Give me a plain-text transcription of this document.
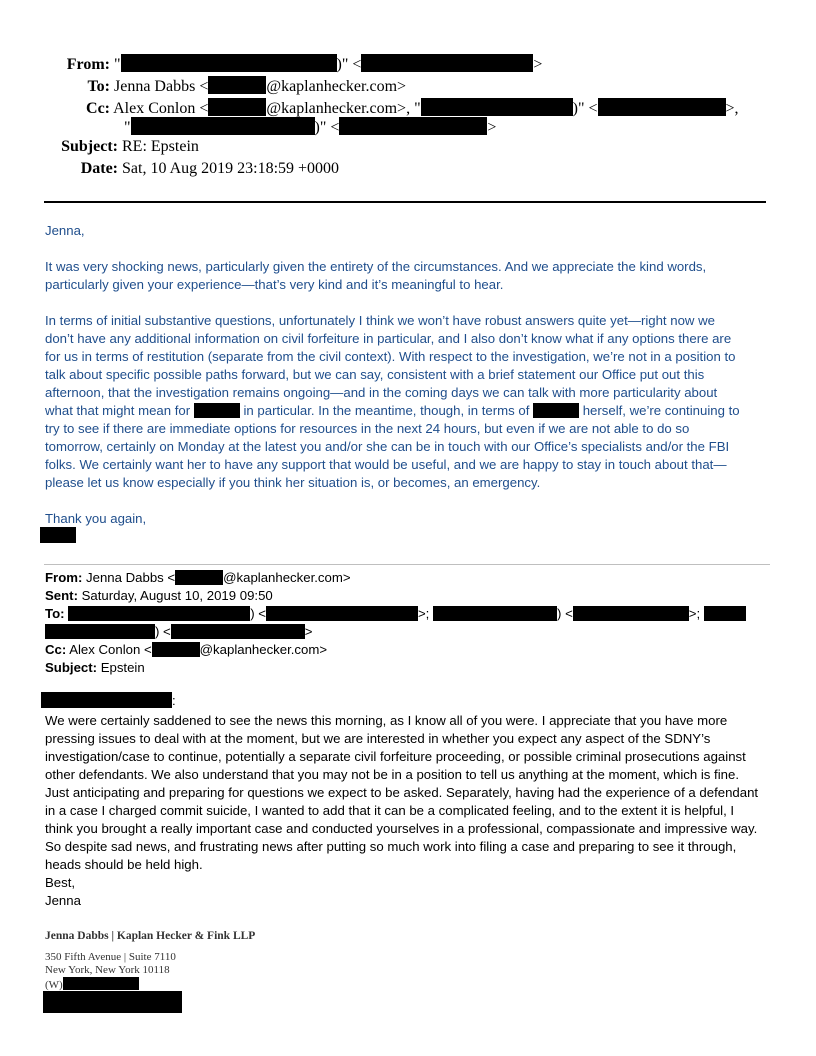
From: "	)" <	>
To: Jenna Dabbs <	@kaplanhecker.com>
Cc: Alex Conlon <	@kaplanhecker.com>, "	)" <	>,
"	)" <	>
Subject: RE: Epstein
Date: Sat, 10 Aug 2019 23:18:59 +0000
Jenna,
It was very shocking news, particularly given the entirety of the circumstances. And we appreciate the kind words,
particularly given your experience—that’s very kind and it’s meaningful to hear.
In terms of initial substantive questions, unfortunately I think we won’t have robust answers quite yet—right now we
don’t have any additional information on civil forfeiture in particular, and I also don’t know what if any options there are
for us in terms of restitution (separate from the civil context). With respect to the investigation, we’re not in a position to
talk about specific possible paths forward, but we can say, consistent with a brief statement our Office put out this
afternoon, that the investigation remains ongoing—and in the coming days we can talk with more particularity about
what that might mean for	in particular. In the meantime, though, in terms of	herself, we’re continuing to
try to see if there are immediate options for resources in the next 24 hours, but even if we are not able to do so
tomorrow, certainly on Monday at the latest you and/or she can be in touch with our Office’s specialists and/or the FBI
folks. We certainly want her to have any support that would be useful, and we are happy to stay in touch about that—
please let us know especially if you think her situation is, or becomes, an emergency.
Thank you again,
From: Jenna Dabbs <	@kaplanhecker.com>
Sent: Saturday, August 10, 2019 09:50
To:	) <	>;	) <	>;
) <	>
Cc: Alex Conlon <	@kaplanhecker.com>
Subject: Epstein
:
We were certainly saddened to see the news this morning, as I know all of you were. I appreciate that you have more
pressing issues to deal with at the moment, but we are interested in whether you expect any aspect of the SDNY’s
investigation/case to continue, potentially a separate civil forfeiture proceeding, or possible criminal prosecutions against
other defendants. We also understand that you may not be in a position to tell us anything at the moment, which is fine.
Just anticipating and preparing for questions we expect to be asked. Separately, having had the experience of a defendant
in a case I charged commit suicide, I wanted to add that it can be a complicated feeling, and to the extent it is helpful, I
think you brought a really important case and conducted yourselves in a professional, compassionate and impressive way.
So despite sad news, and frustrating news after putting so much work into filing a case and preparing to see it through,
heads should be held high.
Best,
Jenna
Jenna Dabbs | Kaplan Hecker & Fink LLP
350 Fifth Avenue | Suite 7110
New York, New York 10118
(W)
